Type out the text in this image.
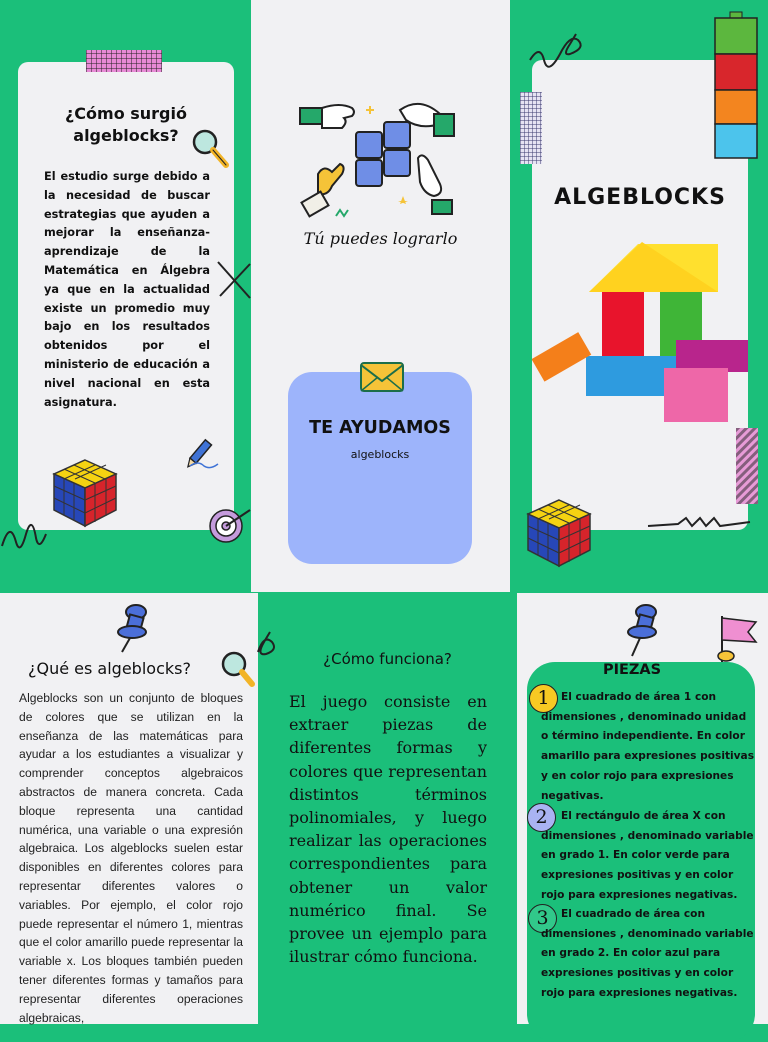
¿Cómo surgió algeblocks?
El estudio surge debido a la necesidad de buscar estrategias que ayuden a mejorar la enseñanza-aprendizaje de la Matemática en Álgebra ya que en la actualidad existe un promedio muy bajo en los resultados obtenidos por el ministerio de educación a nivel nacional en esta asignatura.
Tú puedes lograrlo
TE AYUDAMOS
algeblocks
ALGEBLOCKS
¿Qué es algeblocks?
Algeblocks son un conjunto de bloques de colores que se utilizan en la enseñanza de las matemáticas para ayudar a los estudiantes a visualizar y comprender conceptos algebraicos abstractos de manera concreta. Cada bloque representa una cantidad numérica, una variable o una expresión algebraica. Los algeblocks suelen estar disponibles en diferentes colores para representar diferentes valores o variables. Por ejemplo, el color rojo puede representar el número 1, mientras que el color amarillo puede representar la variable x. Los bloques también pueden tener diferentes formas y tamaños para representar diferentes operaciones algebraicas,
¿Cómo funciona?
El juego consiste en extraer piezas de diferentes formas y colores que representan distintos términos polinomiales, y luego realizar las operaciones correspondientes para obtener un valor numérico final. Se provee un ejemplo para ilustrar cómo funciona.
PIEZAS
1	El cuadrado de área 1 con dimensiones , denominado unidad o término independiente. En color amarillo para expresiones positivas y en color rojo para expresiones negativas.
2	El rectángulo de área X con dimensiones , denominado variable en grado 1. En color verde para expresiones positivas y en color rojo para expresiones negativas.
3	El cuadrado de área con dimensiones , denominado variable en grado 2. En color azul para expresiones positivas y en color rojo para expresiones negativas.
